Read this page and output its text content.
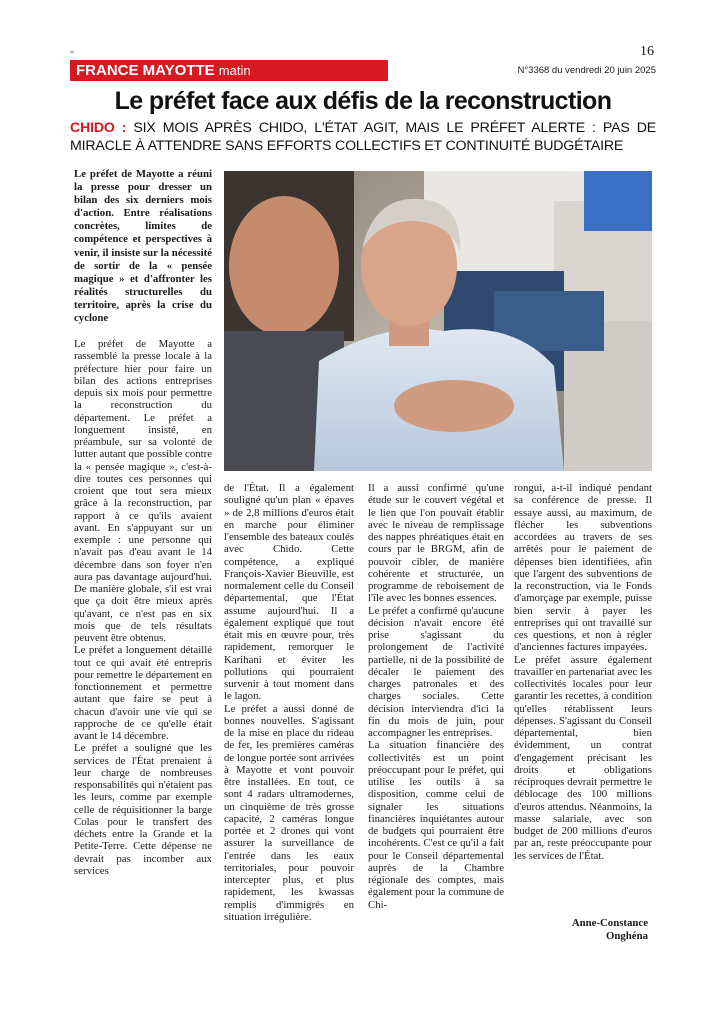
-	16
FRANCE MAYOTTE matin	N°3368 du vendredi 20 juin 2025
Le préfet face aux défis de la reconstruction
CHIDO : SIX MOIS APRÈS CHIDO, L'ÉTAT AGIT, MAIS LE PRÉFET ALERTE : PAS DE MIRACLE À ATTENDRE SANS EFFORTS COLLECTIFS ET CONTINUITÉ BUDGÉTAIRE

Le préfet de Mayotte a réuni la presse pour dresser un bilan des six derniers mois d'action. Entre réalisations concrètes, limites de compétence et perspectives à venir, il insiste sur la nécessité de sortir de la « pensée magique » et d'affronter les réalités structurelles du territoire, après la crise du cyclone

Le préfet de Mayotte a rassemblé la presse locale à la préfecture hier pour faire un bilan des actions entreprises depuis six mois pour permettre la reconstruction du département. Le préfet a longuement insisté, en préambule, sur sa volonté de lutter autant que possible contre la « pensée magique », c'est-à-dire toutes ces personnes qui croient que tout sera mieux grâce à la reconstruction, par rapport à ce qu'ils avaient avant. En s'appuyant sur un exemple : une personne qui n'avait pas d'eau avant le 14 décembre dans son foyer n'en aura pas davantage aujourd'hui. De manière globale, s'il est vrai que ça doit être mieux après qu'avant, ce n'est pas en six mois que de tels résultats peuvent être obtenus.

Le préfet a longuement détaillé tout ce qui avait été entrepris pour remettre le département en fonctionnement et permettre autant que faire se peut à chacun d'avoir une vie qui se rapproche de ce qu'elle était avant le 14 décembre.

Le préfet a souligné que les services de l'État prenaient à leur charge de nombreuses responsabilités qui n'étaient pas les leurs, comme par exemple celle de réquisitionner la barge Colas pour le transfert des déchets entre la Grande et la Petite-Terre. Cette dépense ne devrait pas incomber aux services

de l'État. Il a également souligné qu'un plan « épaves » de 2,8 millions d'euros était en marche pour éliminer l'ensemble des bateaux coulés avec Chido. Cette compétence, a expliqué François-Xavier Bieuville, est normalement celle du Conseil départemental, que l'État assume aujourd'hui. Il a également expliqué que tout était mis en œuvre pour, très rapidement, remorquer le Karihani et éviter les pollutions qui pourraient survenir à tout moment dans le lagon.

Le préfet a aussi donné de bonnes nouvelles. S'agissant de la mise en place du rideau de fer, les premières caméras de longue portée sont arrivées à Mayotte et vont pouvoir être installées. En tout, ce sont 4 radars ultramodernes, un cinquième de très grosse capacité, 2 caméras longue portée et 2 drones qui vont assurer la surveillance de l'entrée dans les eaux territoriales, pour pouvoir intercepter plus, et plus rapidement, les kwassas remplis d'immigrés en situation irrégulière.

Il a aussi confirmé qu'une étude sur le couvert végétal et le lien que l'on pouvait établir avec le niveau de remplissage des nappes phréatiques était en cours par le BRGM, afin de pouvoir cibler, de manière cohérente et structurée, un programme de reboisement de l'île avec les bonnes essences.

Le préfet a confirmé qu'aucune décision n'avait encore été prise s'agissant du prolongement de l'activité partielle, ni de la possibilité de décaler le paiement des charges patronales et des charges sociales. Cette décision interviendra d'ici la fin du mois de juin, pour accompagner les entreprises.

La situation financière des collectivités est un point préoccupant pour le préfet, qui utilise les outils à sa disposition, comme celui de signaler les situations financières inquiétantes autour de budgets qui pourraient être incohérents. C'est ce qu'il a fait pour le Conseil départemental auprès de la Chambre régionale des comptes, mais également pour la commune de Chi-

rongui, a-t-il indiqué pendant sa conférence de presse. Il essaye aussi, au maximum, de flécher les subventions accordées au travers de ses arrêtés pour le paiement de dépenses bien identifiées, afin que l'argent des subventions de la reconstruction, via le Fonds d'amorçage par exemple, puisse bien servir à payer les entreprises qui ont travaillé sur ces questions, et non à régler d'anciennes factures impayées.

Le préfet assure également travailler en partenariat avec les collectivités locales pour leur garantir les recettes, à condition qu'elles rétablissent leurs dépenses. S'agissant du Conseil départemental, bien évidemment, un contrat d'engagement précisant les droits et obligations réciproques devrait permettre le déblocage des 100 millions d'euros attendus. Néanmoins, la masse salariale, avec son budget de 200 millions d'euros par an, reste préoccupante pour les services de l'État.

Anne-Constance
Onghéna
